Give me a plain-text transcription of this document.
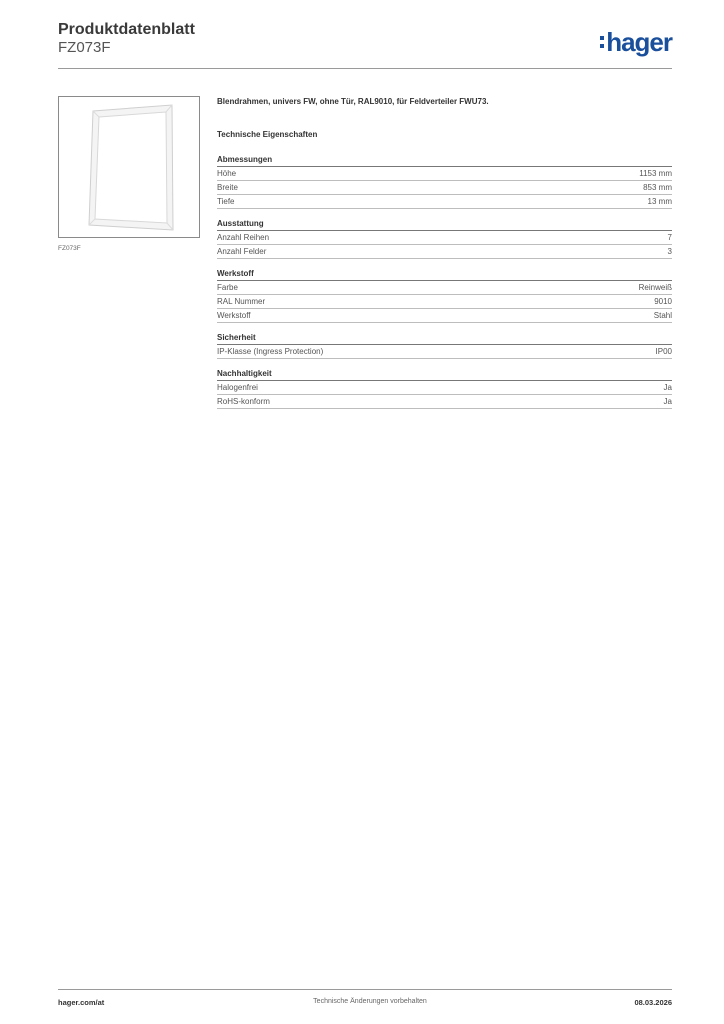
Produktdatenblatt
FZ073F	hager
FZ073F
Blendrahmen, univers FW, ohne Tür, RAL9010, für Feldverteiler FWU73.
Technische Eigenschaften
Abmessungen
Höhe	1153 mm
Breite	853 mm
Tiefe	13 mm
Ausstattung
Anzahl Reihen	7
Anzahl Felder	3
Werkstoff
Farbe	Reinweiß
RAL Nummer	9010
Werkstoff	Stahl
Sicherheit
IP-Klasse (Ingress Protection)	IP00
Nachhaltigkeit
Halogenfrei	Ja
RoHS-konform	Ja
hager.com/at	Technische Änderungen vorbehalten	08.03.2026
